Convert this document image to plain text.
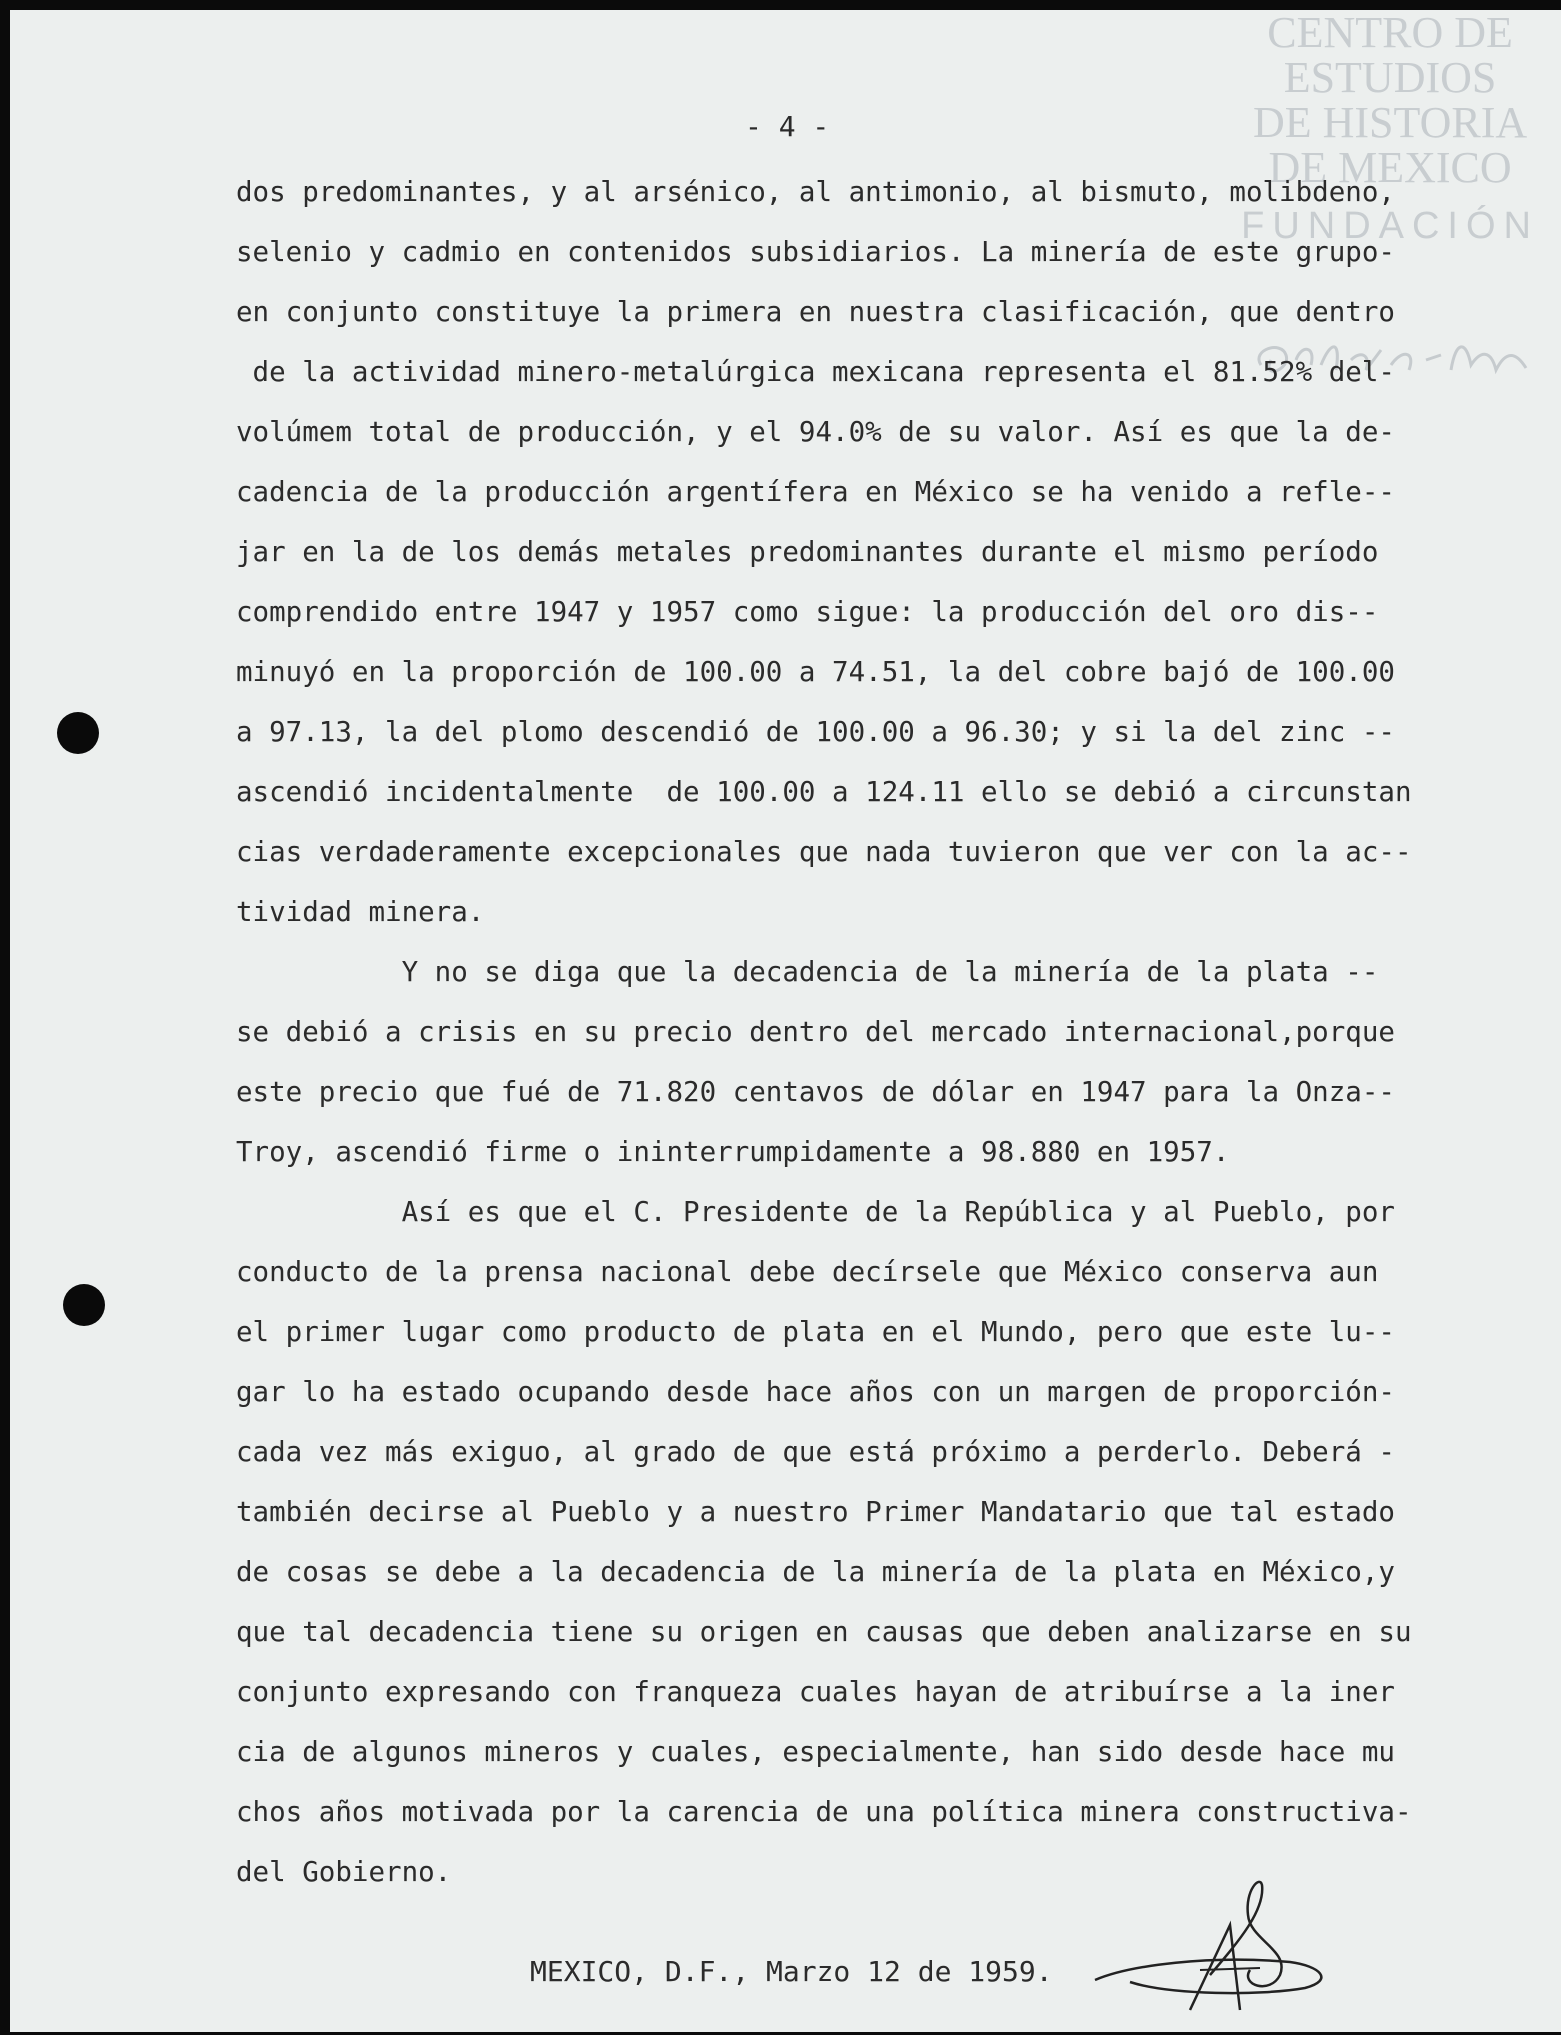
CENTRO DE
ESTUDIOS
DE HISTORIA
DE MEXICO
FUNDACIÓN
- 4 -
dos predominantes, y al arsénico, al antimonio, al bismuto, molibdeno,
selenio y cadmio en contenidos subsidiarios. La minería de este grupo-
en conjunto constituye la primera en nuestra clasificación, que dentro
de la actividad minero-metalúrgica mexicana representa el 81.52% del-
volúmem total de producción, y el 94.0% de su valor. Así es que la de-
cadencia de la producción argentífera en México se ha venido a refle--
jar en la de los demás metales predominantes durante el mismo período
comprendido entre 1947 y 1957 como sigue: la producción del oro dis--
minuyó en la proporción de 100.00 a 74.51, la del cobre bajó de 100.00
a 97.13, la del plomo descendió de 100.00 a 96.30; y si la del zinc --
ascendió incidentalmente  de 100.00 a 124.11 ello se debió a circunstan
cias verdaderamente excepcionales que nada tuvieron que ver con la ac--
tividad minera.
Y no se diga que la decadencia de la minería de la plata --
se debió a crisis en su precio dentro del mercado internacional,porque
este precio que fué de 71.820 centavos de dólar en 1947 para la Onza--
Troy, ascendió firme o ininterrumpidamente a 98.880 en 1957.
Así es que el C. Presidente de la República y al Pueblo, por
conducto de la prensa nacional debe decírsele que México conserva aun
el primer lugar como producto de plata en el Mundo, pero que este lu--
gar lo ha estado ocupando desde hace años con un margen de proporción-
cada vez más exiguo, al grado de que está próximo a perderlo. Deberá -
también decirse al Pueblo y a nuestro Primer Mandatario que tal estado
de cosas se debe a la decadencia de la minería de la plata en México,y
que tal decadencia tiene su origen en causas que deben analizarse en su
conjunto expresando con franqueza cuales hayan de atribuírse a la iner
cia de algunos mineros y cuales, especialmente, han sido desde hace mu
chos años motivada por la carencia de una política minera constructiva-
del Gobierno.
MEXICO, D.F., Marzo 12 de 1959.
